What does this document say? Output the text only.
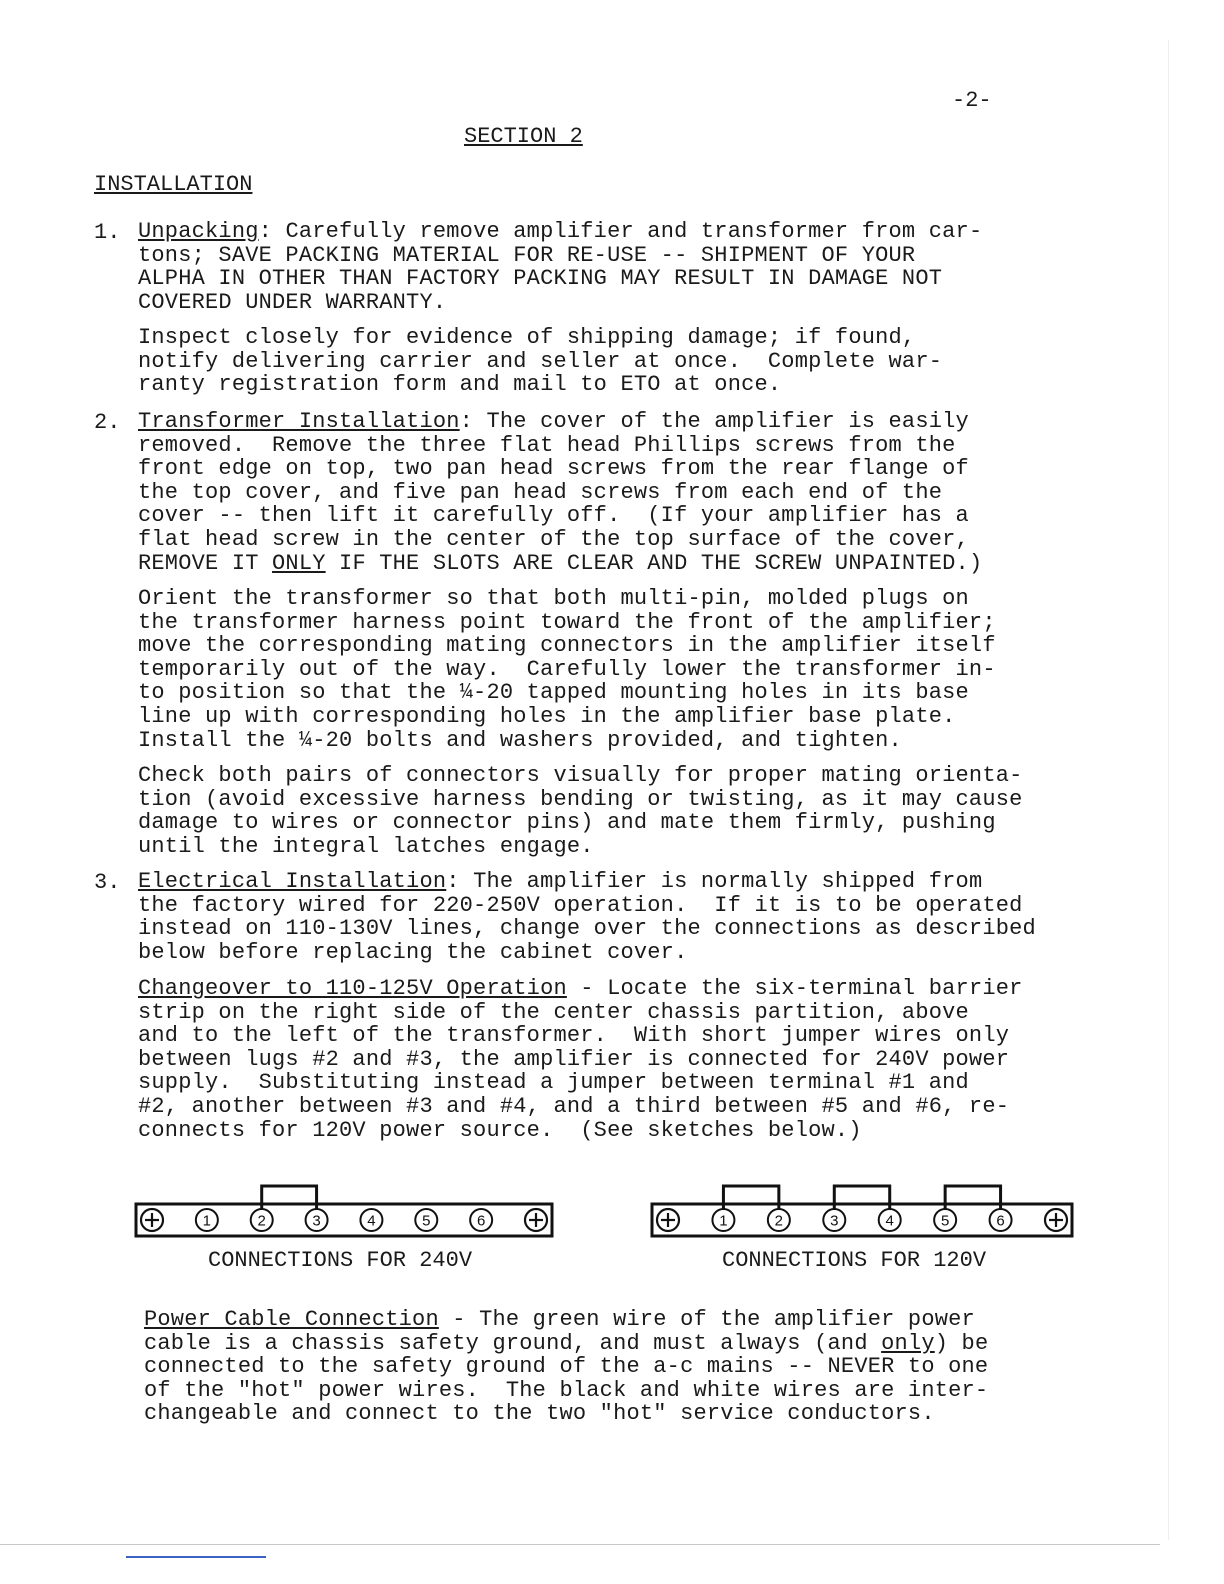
-2-
SECTION 2
INSTALLATION
1. Unpacking: Carefully remove amplifier and transformer from car-
tons; SAVE PACKING MATERIAL FOR RE-USE -- SHIPMENT OF YOUR
ALPHA IN OTHER THAN FACTORY PACKING MAY RESULT IN DAMAGE NOT
COVERED UNDER WARRANTY.

Inspect closely for evidence of shipping damage; if found,
notify delivering carrier and seller at once.  Complete war-
ranty registration form and mail to ETO at once.

2. Transformer Installation: The cover of the amplifier is easily
removed.  Remove the three flat head Phillips screws from the
front edge on top, two pan head screws from the rear flange of
the top cover, and five pan head screws from each end of the
cover -- then lift it carefully off.  (If your amplifier has a
flat head screw in the center of the top surface of the cover,
REMOVE IT ONLY IF THE SLOTS ARE CLEAR AND THE SCREW UNPAINTED.)

Orient the transformer so that both multi-pin, molded plugs on
the transformer harness point toward the front of the amplifier;
move the corresponding mating connectors in the amplifier itself
temporarily out of the way.  Carefully lower the transformer in-
to position so that the ¼-20 tapped mounting holes in its base
line up with corresponding holes in the amplifier base plate.
Install the ¼-20 bolts and washers provided, and tighten.

Check both pairs of connectors visually for proper mating orienta-
tion (avoid excessive harness bending or twisting, as it may cause
damage to wires or connector pins) and mate them firmly, pushing
until the integral latches engage.

3. Electrical Installation: The amplifier is normally shipped from
the factory wired for 220-250V operation.  If it is to be operated
instead on 110-130V lines, change over the connections as described
below before replacing the cabinet cover.

Changeover to 110-125V Operation - Locate the six-terminal barrier
strip on the right side of the center chassis partition, above
and to the left of the transformer.  With short jumper wires only
between lugs #2 and #3, the amplifier is connected for 240V power
supply.  Substituting instead a jumper between terminal #1 and
#2, another between #3 and #4, and a third between #5 and #6, re-
connects for 120V power source.  (See sketches below.)

1	2	3	4	5	6
CONNECTIONS FOR 240V
1	2	3	4	5	6
CONNECTIONS FOR 120V

Power Cable Connection - The green wire of the amplifier power
cable is a chassis safety ground, and must always (and only) be
connected to the safety ground of the a-c mains -- NEVER to one
of the "hot" power wires.  The black and white wires are inter-
changeable and connect to the two "hot" service conductors.
